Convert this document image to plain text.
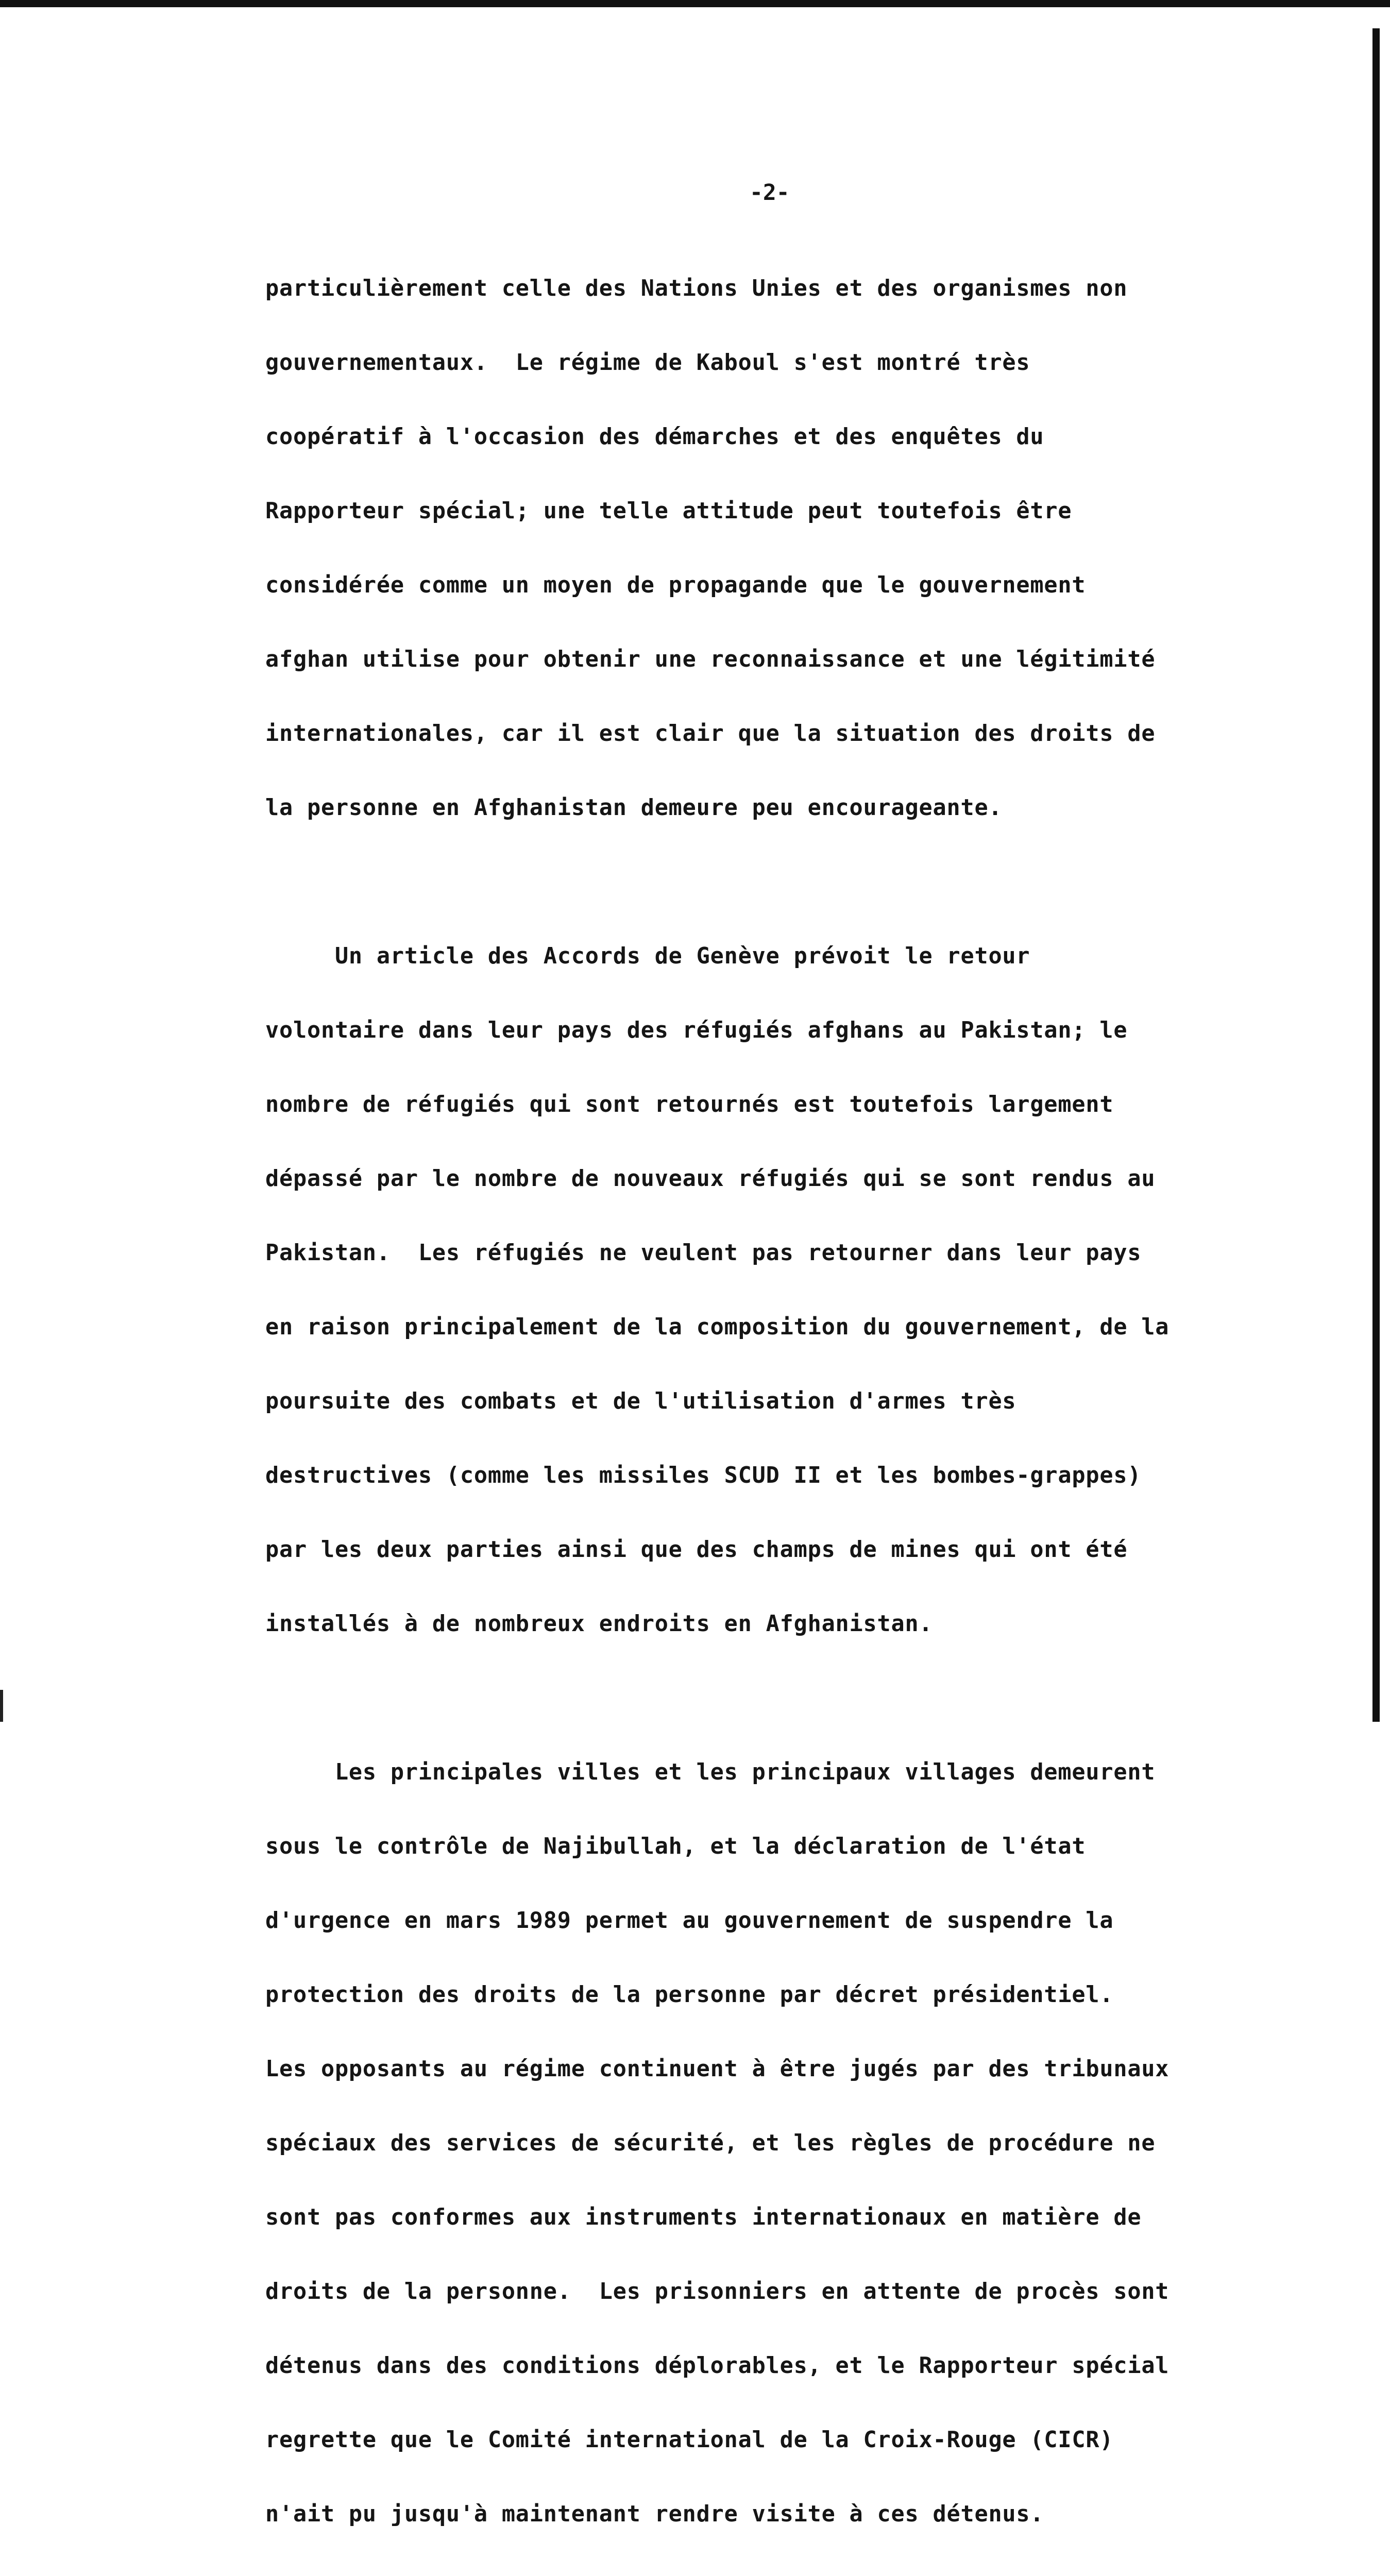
-2-

particulièrement celle des Nations Unies et des organismes non

gouvernementaux.  Le régime de Kaboul s'est montré très

coopératif à l'occasion des démarches et des enquêtes du

Rapporteur spécial; une telle attitude peut toutefois être

considérée comme un moyen de propagande que le gouvernement

afghan utilise pour obtenir une reconnaissance et une légitimité

internationales, car il est clair que la situation des droits de

la personne en Afghanistan demeure peu encourageante.

Un article des Accords de Genève prévoit le retour

volontaire dans leur pays des réfugiés afghans au Pakistan; le

nombre de réfugiés qui sont retournés est toutefois largement

dépassé par le nombre de nouveaux réfugiés qui se sont rendus au

Pakistan.  Les réfugiés ne veulent pas retourner dans leur pays

en raison principalement de la composition du gouvernement, de la

poursuite des combats et de l'utilisation d'armes très

destructives (comme les missiles SCUD II et les bombes-grappes)

par les deux parties ainsi que des champs de mines qui ont été

installés à de nombreux endroits en Afghanistan.

Les principales villes et les principaux villages demeurent

sous le contrôle de Najibullah, et la déclaration de l'état

d'urgence en mars 1989 permet au gouvernement de suspendre la

protection des droits de la personne par décret présidentiel.

Les opposants au régime continuent à être jugés par des tribunaux

spéciaux des services de sécurité, et les règles de procédure ne

sont pas conformes aux instruments internationaux en matière de

droits de la personne.  Les prisonniers en attente de procès sont

détenus dans des conditions déplorables, et le Rapporteur spécial

regrette que le Comité international de la Croix-Rouge (CICR)

n'ait pu jusqu'à maintenant rendre visite à ces détenus.
